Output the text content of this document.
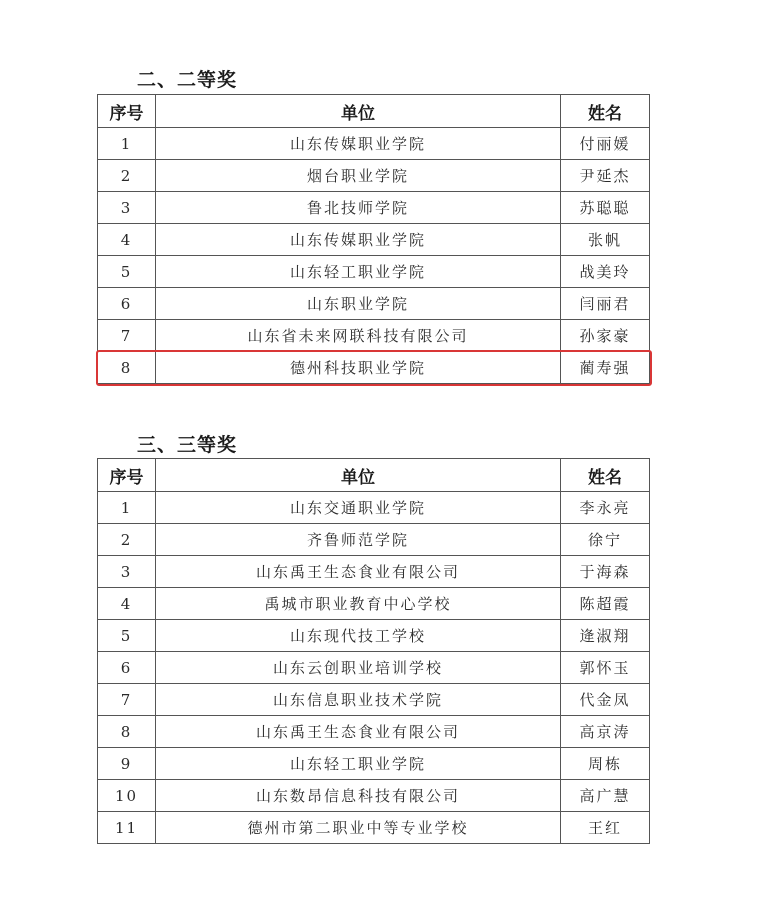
二、二等奖
序号	单位	姓名
1	山东传媒职业学院	付丽媛
2	烟台职业学院	尹延杰
3	鲁北技师学院	苏聪聪
4	山东传媒职业学院	张帆
5	山东轻工职业学院	战美玲
6	山东职业学院	闫丽君
7	山东省未来网联科技有限公司	孙家豪
8	德州科技职业学院	蔺寿强
三、三等奖
序号	单位	姓名
1	山东交通职业学院	李永亮
2	齐鲁师范学院	徐宁
3	山东禹王生态食业有限公司	于海森
4	禹城市职业教育中心学校	陈超霞
5	山东现代技工学校	逄淑翔
6	山东云创职业培训学校	郭怀玉
7	山东信息职业技术学院	代金凤
8	山东禹王生态食业有限公司	高京涛
9	山东轻工职业学院	周栋
10	山东数昂信息科技有限公司	高广慧
11	德州市第二职业中等专业学校	王红
